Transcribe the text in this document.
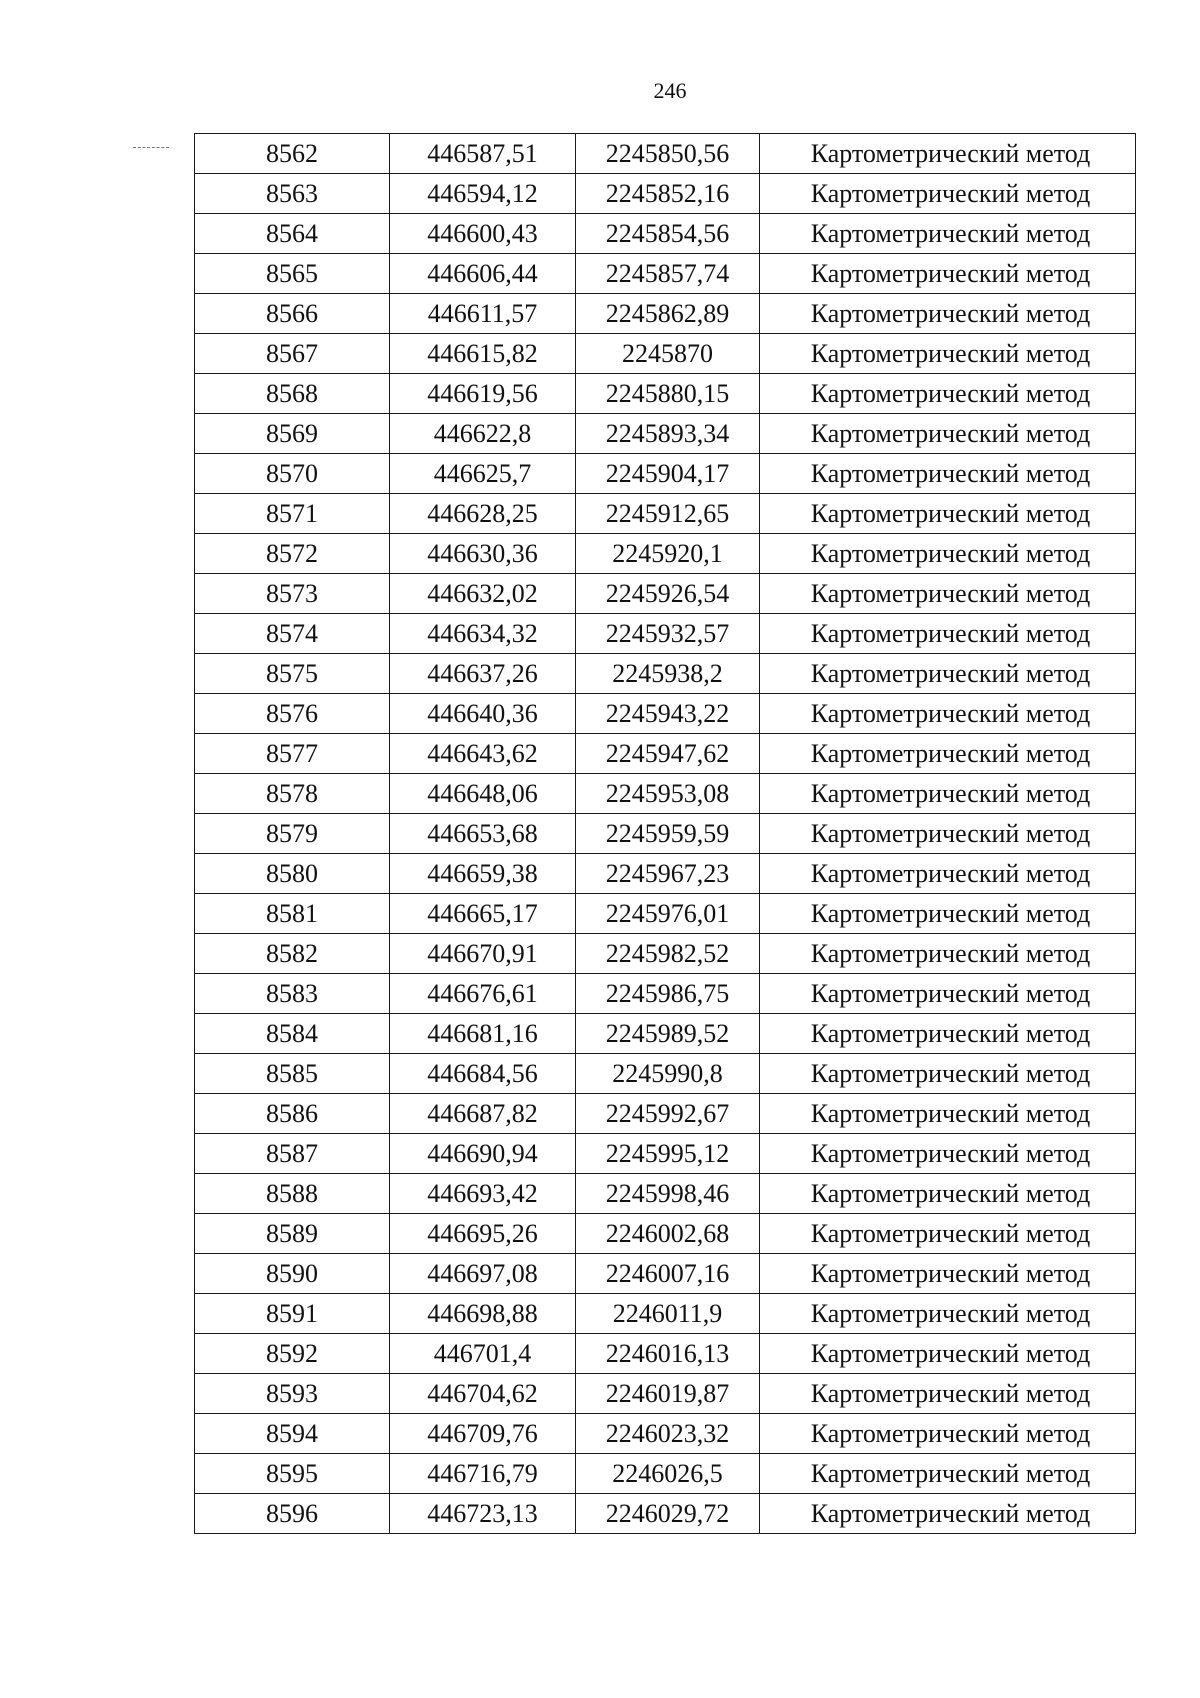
246
8562	446587,51	2245850,56	Картометрический метод
8563	446594,12	2245852,16	Картометрический метод
8564	446600,43	2245854,56	Картометрический метод
8565	446606,44	2245857,74	Картометрический метод
8566	446611,57	2245862,89	Картометрический метод
8567	446615,82	2245870	Картометрический метод
8568	446619,56	2245880,15	Картометрический метод
8569	446622,8	2245893,34	Картометрический метод
8570	446625,7	2245904,17	Картометрический метод
8571	446628,25	2245912,65	Картометрический метод
8572	446630,36	2245920,1	Картометрический метод
8573	446632,02	2245926,54	Картометрический метод
8574	446634,32	2245932,57	Картометрический метод
8575	446637,26	2245938,2	Картометрический метод
8576	446640,36	2245943,22	Картометрический метод
8577	446643,62	2245947,62	Картометрический метод
8578	446648,06	2245953,08	Картометрический метод
8579	446653,68	2245959,59	Картометрический метод
8580	446659,38	2245967,23	Картометрический метод
8581	446665,17	2245976,01	Картометрический метод
8582	446670,91	2245982,52	Картометрический метод
8583	446676,61	2245986,75	Картометрический метод
8584	446681,16	2245989,52	Картометрический метод
8585	446684,56	2245990,8	Картометрический метод
8586	446687,82	2245992,67	Картометрический метод
8587	446690,94	2245995,12	Картометрический метод
8588	446693,42	2245998,46	Картометрический метод
8589	446695,26	2246002,68	Картометрический метод
8590	446697,08	2246007,16	Картометрический метод
8591	446698,88	2246011,9	Картометрический метод
8592	446701,4	2246016,13	Картометрический метод
8593	446704,62	2246019,87	Картометрический метод
8594	446709,76	2246023,32	Картометрический метод
8595	446716,79	2246026,5	Картометрический метод
8596	446723,13	2246029,72	Картометрический метод
